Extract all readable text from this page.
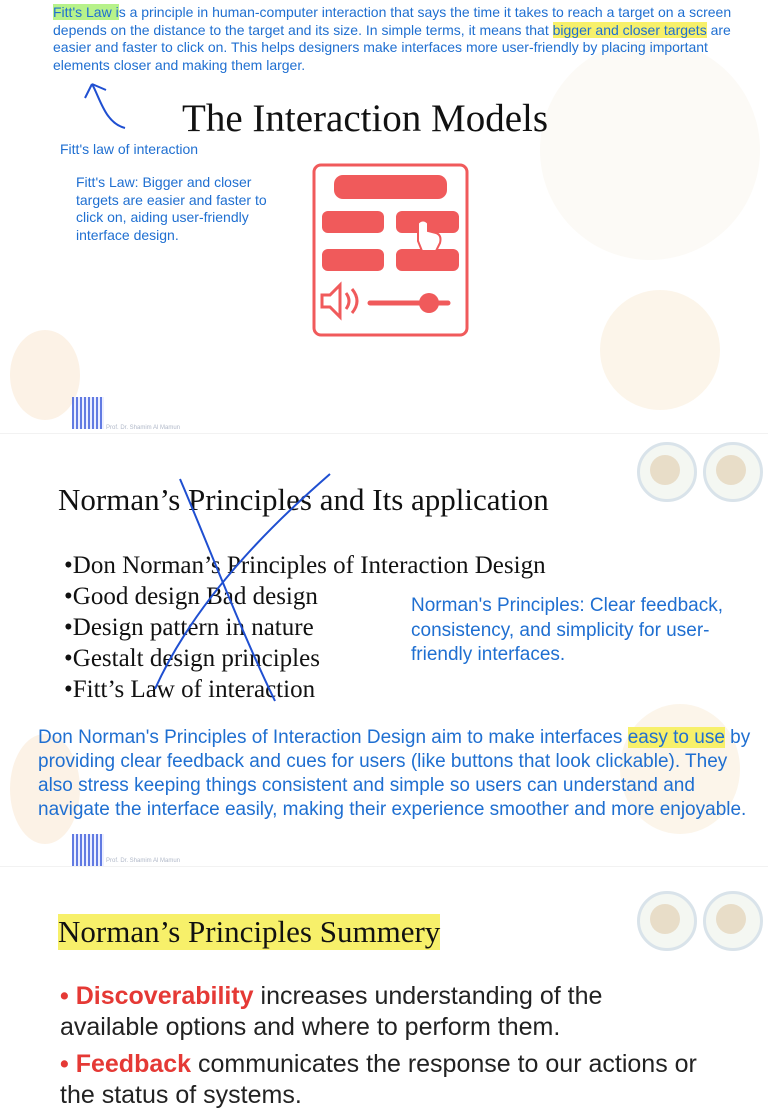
Fitt's Law is a principle in human-computer interaction that says the time it takes to reach a target on a screen depends on the distance to the target and its size. In simple terms, it means that bigger and closer targets are easier and faster to click on. This helps designers make interfaces more user-friendly by placing important elements closer and making them larger.
The Interaction Models
Fitt's law of interaction
Fitt's Law: Bigger and closer targets are easier and faster to click on, aiding user-friendly interface design.
Prof. Dr. Shamim Al Mamun
Norman’s Principles and Its application
• Don Norman’s Principles of Interaction Design
• Good design Bad design
• Design pattern in nature
• Gestalt design principles
• Fitt’s Law of interaction
Norman's Principles: Clear feedback, consistency, and simplicity for user-friendly interfaces.
Don Norman's Principles of Interaction Design aim to make interfaces easy to use by providing clear feedback and cues for users (like buttons that look clickable). They also stress keeping things consistent and simple so users can understand and navigate the interface easily, making their experience smoother and more enjoyable.
Prof. Dr. Shamim Al Mamun
Norman’s Principles Summery
• Discoverability increases understanding of the available options and where to perform them.
• Feedback communicates the response to our actions or the status of systems.
